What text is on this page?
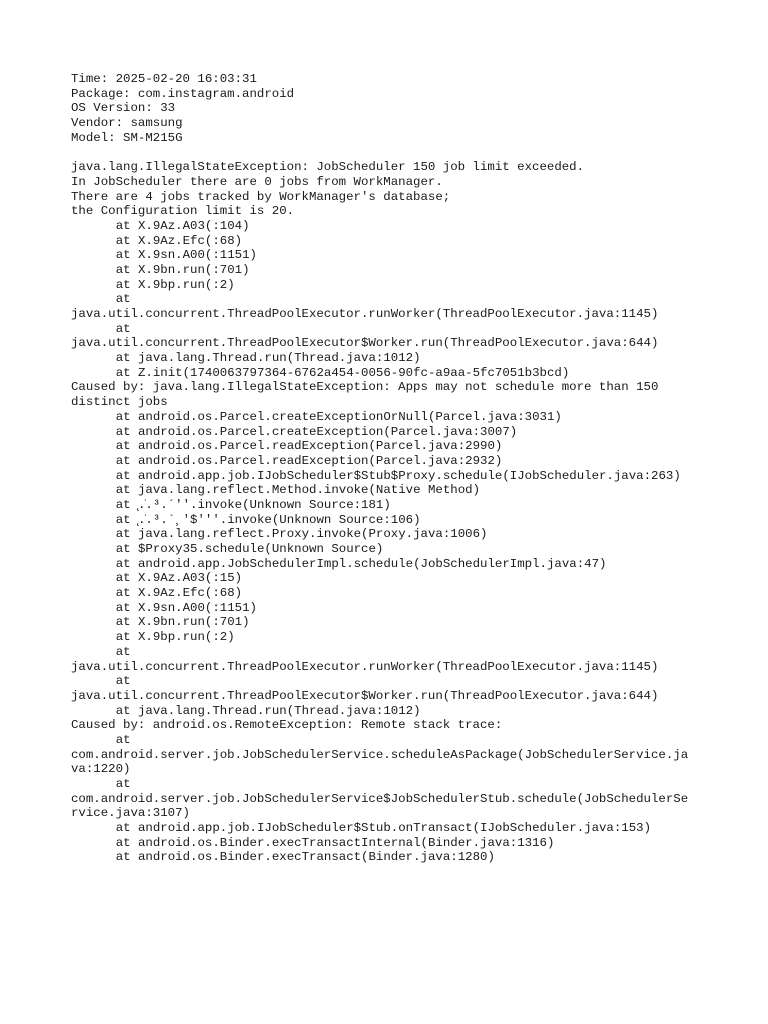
Time: 2025-02-20 16:03:31
Package: com.instagram.android
OS Version: 33
Vendor: samsung
Model: SM-M215G
java.lang.IllegalStateException: JobScheduler 150 job limit exceeded.
In JobScheduler there are 0 jobs from WorkManager.
There are 4 jobs tracked by WorkManager's database;
the Configuration limit is 20.
at X.9Az.A03(:104)
at X.9Az.Efc(:68)
at X.9sn.A00(:1151)
at X.9bn.run(:701)
at X.9bp.run(:2)
at
java.util.concurrent.ThreadPoolExecutor.runWorker(ThreadPoolExecutor.java:1145)
at
java.util.concurrent.ThreadPoolExecutor$Worker.run(ThreadPoolExecutor.java:644)
at java.lang.Thread.run(Thread.java:1012)
at Z.init(1740063797364-6762a454-0056-90fc-a9aa-5fc7051b3bcd)
Caused by: java.lang.IllegalStateException: Apps may not schedule more than 150
distinct jobs
at android.os.Parcel.createExceptionOrNull(Parcel.java:3031)
at android.os.Parcel.createException(Parcel.java:3007)
at android.os.Parcel.readException(Parcel.java:2990)
at android.os.Parcel.readException(Parcel.java:2932)
at android.app.job.IJobScheduler$Stub$Proxy.schedule(IJobScheduler.java:263)
at java.lang.reflect.Method.invoke(Native Method)
at ̨.̇.³.´''.invoke(Unknown Source:181)
at ̨.̇.³.`¸'$'''.invoke(Unknown Source:106)
at java.lang.reflect.Proxy.invoke(Proxy.java:1006)
at $Proxy35.schedule(Unknown Source)
at android.app.JobSchedulerImpl.schedule(JobSchedulerImpl.java:47)
at X.9Az.A03(:15)
at X.9Az.Efc(:68)
at X.9sn.A00(:1151)
at X.9bn.run(:701)
at X.9bp.run(:2)
at
java.util.concurrent.ThreadPoolExecutor.runWorker(ThreadPoolExecutor.java:1145)
at
java.util.concurrent.ThreadPoolExecutor$Worker.run(ThreadPoolExecutor.java:644)
at java.lang.Thread.run(Thread.java:1012)
Caused by: android.os.RemoteException: Remote stack trace:
at
com.android.server.job.JobSchedulerService.scheduleAsPackage(JobSchedulerService.ja
va:1220)
at
com.android.server.job.JobSchedulerService$JobSchedulerStub.schedule(JobSchedulerSe
rvice.java:3107)
at android.app.job.IJobScheduler$Stub.onTransact(IJobScheduler.java:153)
at android.os.Binder.execTransactInternal(Binder.java:1316)
at android.os.Binder.execTransact(Binder.java:1280)
